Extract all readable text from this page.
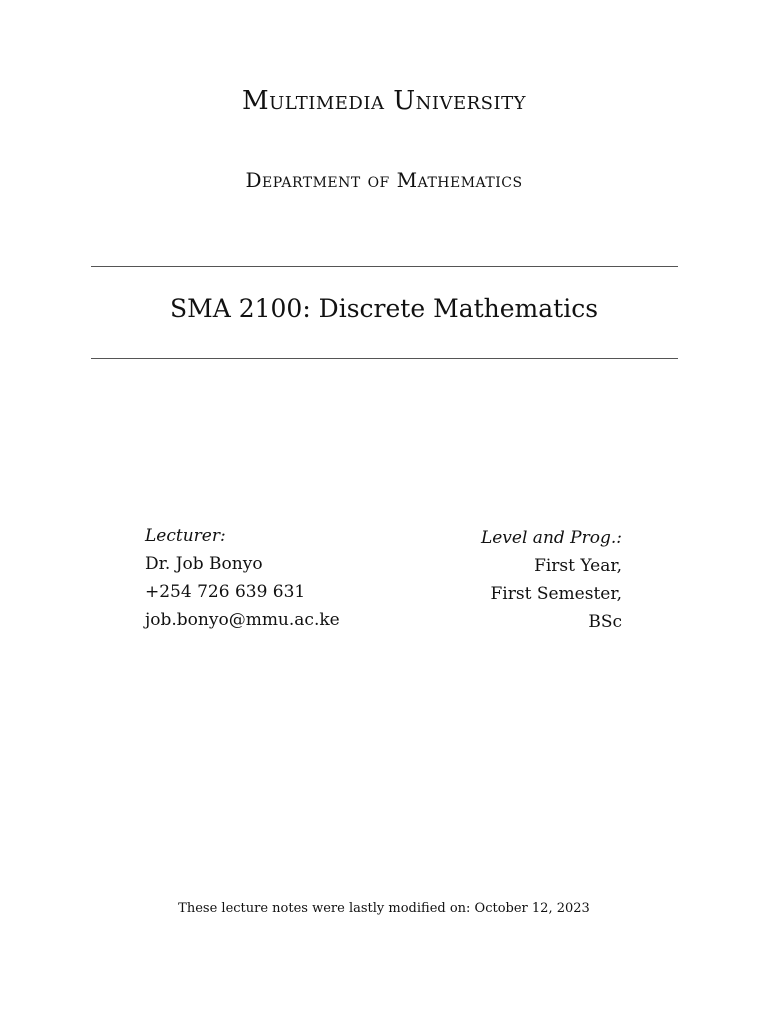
Multimedia University
Department of Mathematics
SMA 2100: Discrete Mathematics
Lecturer:
Dr. Job Bonyo
+254 726 639 631
job.bonyo@mmu.ac.ke
Level and Prog.:
First Year,
First Semester,
BSc
These lecture notes were lastly modified on: October 12, 2023
